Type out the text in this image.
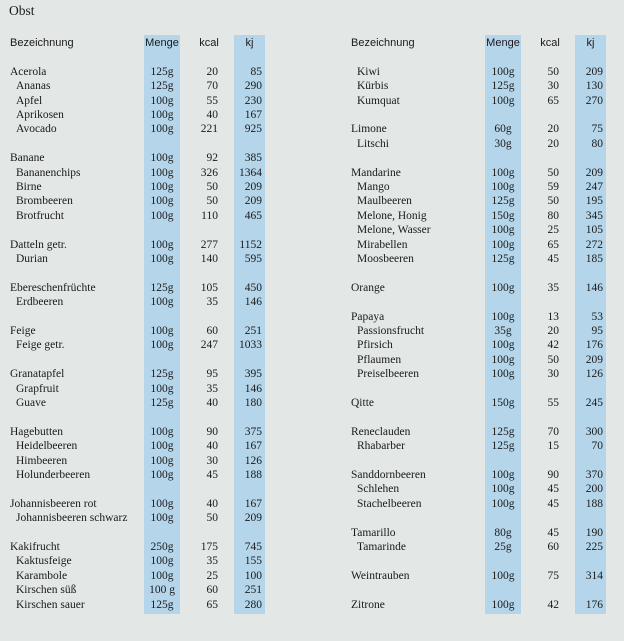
Obst
Bezeichnung	Menge	kcal	kj	Bezeichnung	Menge	kcal	kj
Acerola	125g	20	85
Ananas	125g	70	290
Apfel	100g	55	230
Aprikosen	100g	40	167
Avocado	100g	221	925
Banane	100g	92	385
Bananenchips	100g	326	1364
Birne	100g	50	209
Brombeeren	100g	50	209
Brotfrucht	100g	110	465
Datteln getr.	100g	277	1152
Durian	100g	140	595
Ebereschenfrüchte	125g	105	450
Erdbeeren	100g	35	146
Feige	100g	60	251
Feige getr.	100g	247	1033
Granatapfel	125g	95	395
Grapfruit	100g	35	146
Guave	125g	40	180
Hagebutten	100g	90	375
Heidelbeeren	100g	40	167
Himbeeren	100g	30	126
Holunderbeeren	100g	45	188
Johannisbeeren rot	100g	40	167
Johannisbeeren schwarz	100g	50	209
Kakifrucht	250g	175	745
Kaktusfeige	100g	35	155
Karambole	100g	25	100
Kirschen süß	100 g	60	251
Kirschen sauer	125g	65	280
Kiwi	100g	50	209
Kürbis	125g	30	130
Kumquat	100g	65	270
Limone	60g	20	75
Litschi	30g	20	80
Mandarine	100g	50	209
Mango	100g	59	247
Maulbeeren	125g	50	195
Melone, Honig	150g	80	345
Melone, Wasser	100g	25	105
Mirabellen	100g	65	272
Moosbeeren	125g	45	185
Orange	100g	35	146
Papaya	100g	13	53
Passionsfrucht	35g	20	95
Pfirsich	100g	42	176
Pflaumen	100g	50	209
Preiselbeeren	100g	30	126
Qitte	150g	55	245
Reneclauden	125g	70	300
Rhabarber	125g	15	70
Sanddornbeeren	100g	90	370
Schlehen	100g	45	200
Stachelbeeren	100g	45	188
Tamarillo	80g	45	190
Tamarinde	25g	60	225
Weintrauben	100g	75	314
Zitrone	100g	42	176
